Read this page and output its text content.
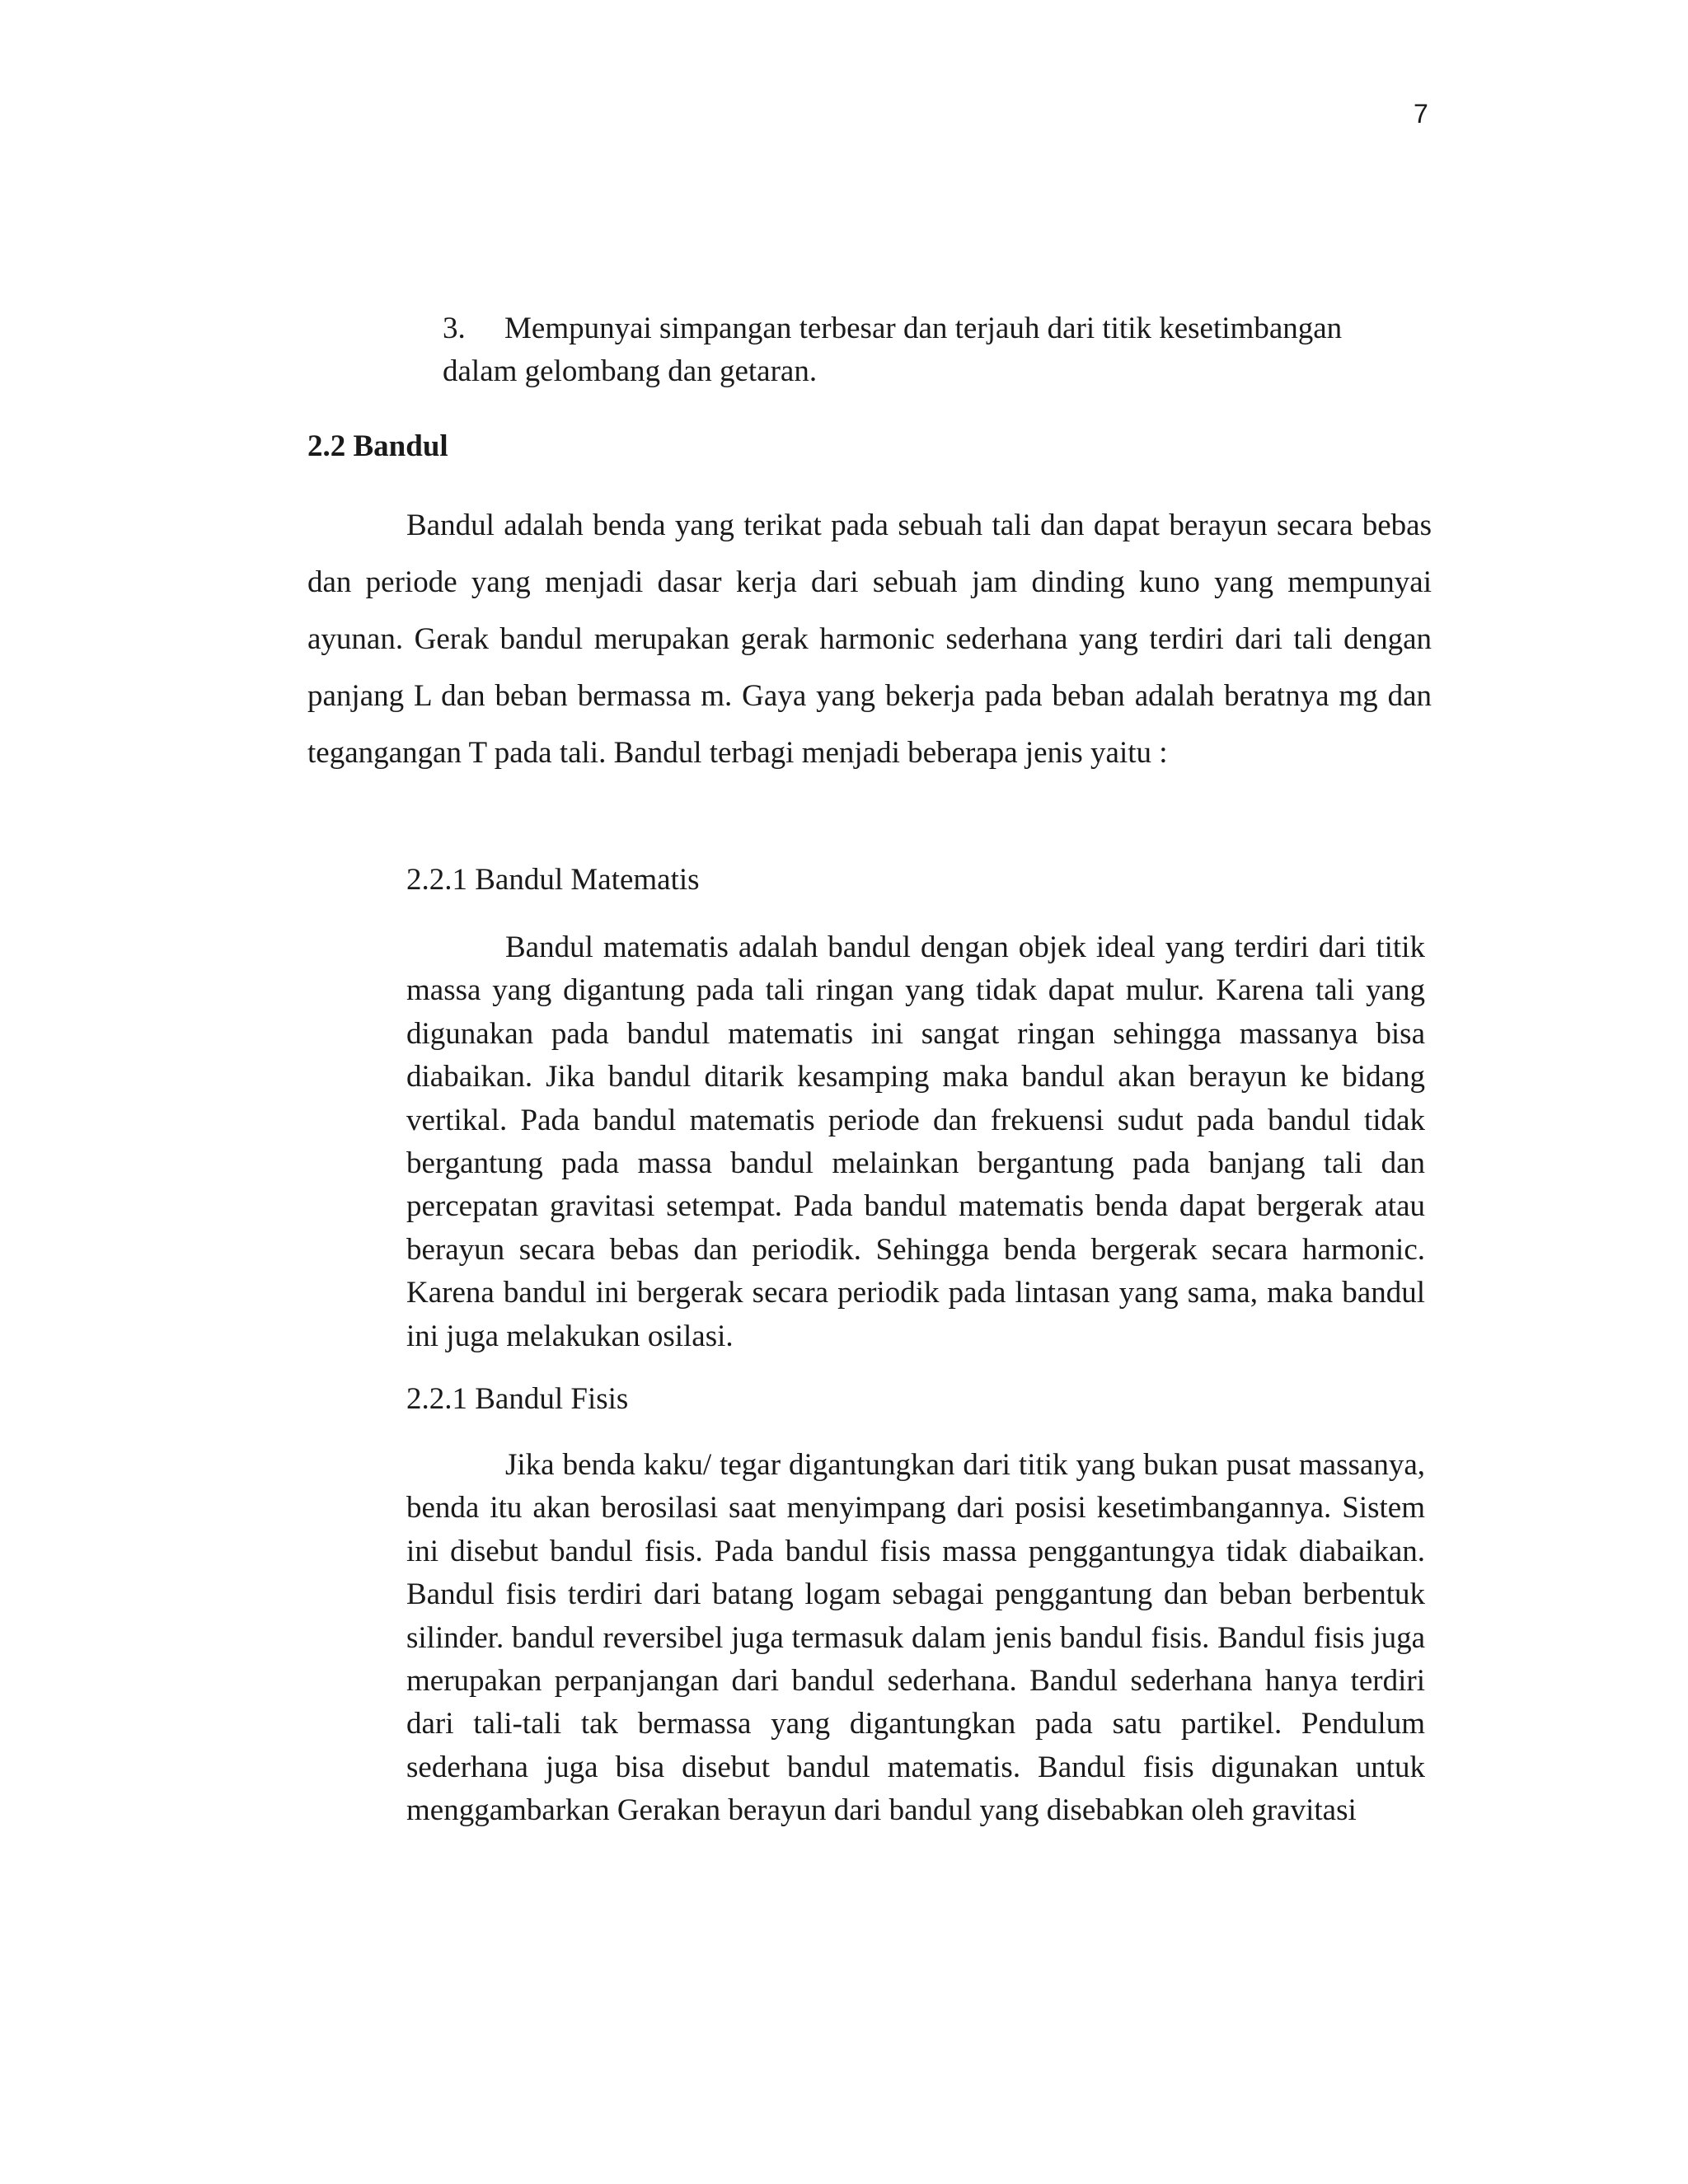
7
3. Mempunyai simpangan terbesar dan terjauh dari titik kesetimbangan dalam gelombang dan getaran.
2.2 Bandul

Bandul adalah benda yang terikat pada sebuah tali dan dapat berayun secara bebas dan periode yang menjadi dasar kerja dari sebuah jam dinding kuno yang mempunyai ayunan. Gerak bandul merupakan gerak harmonic sederhana yang terdiri dari tali dengan panjang L dan beban bermassa m. Gaya yang bekerja pada beban adalah beratnya mg dan tegangangan T pada tali. Bandul terbagi menjadi beberapa jenis yaitu :

2.2.1 Bandul Matematis

Bandul matematis adalah bandul dengan objek ideal yang terdiri dari titik massa yang digantung pada tali ringan yang tidak dapat mulur. Karena tali yang digunakan pada bandul matematis ini sangat ringan sehingga massanya bisa diabaikan. Jika bandul ditarik kesamping maka bandul akan berayun ke bidang vertikal. Pada bandul matematis periode dan frekuensi sudut pada bandul tidak bergantung pada massa bandul melainkan bergantung pada banjang tali dan percepatan gravitasi setempat. Pada bandul matematis benda dapat bergerak atau berayun secara bebas dan periodik. Sehingga benda bergerak secara harmonic. Karena bandul ini bergerak secara periodik pada lintasan yang sama, maka bandul ini juga melakukan osilasi.

2.2.1 Bandul Fisis

Jika benda kaku/ tegar digantungkan dari titik yang bukan pusat massanya, benda itu akan berosilasi saat menyimpang dari posisi kesetimbangannya. Sistem ini disebut bandul fisis. Pada bandul fisis massa penggantungya tidak diabaikan. Bandul fisis terdiri dari batang logam sebagai penggantung dan beban berbentuk silinder. bandul reversibel juga termasuk dalam jenis bandul fisis. Bandul fisis juga merupakan perpanjangan dari bandul sederhana. Bandul sederhana hanya terdiri dari tali-tali tak bermassa yang digantungkan pada satu partikel. Pendulum sederhana juga bisa disebut bandul matematis. Bandul fisis digunakan untuk menggambarkan Gerakan berayun dari bandul yang disebabkan oleh gravitasi
